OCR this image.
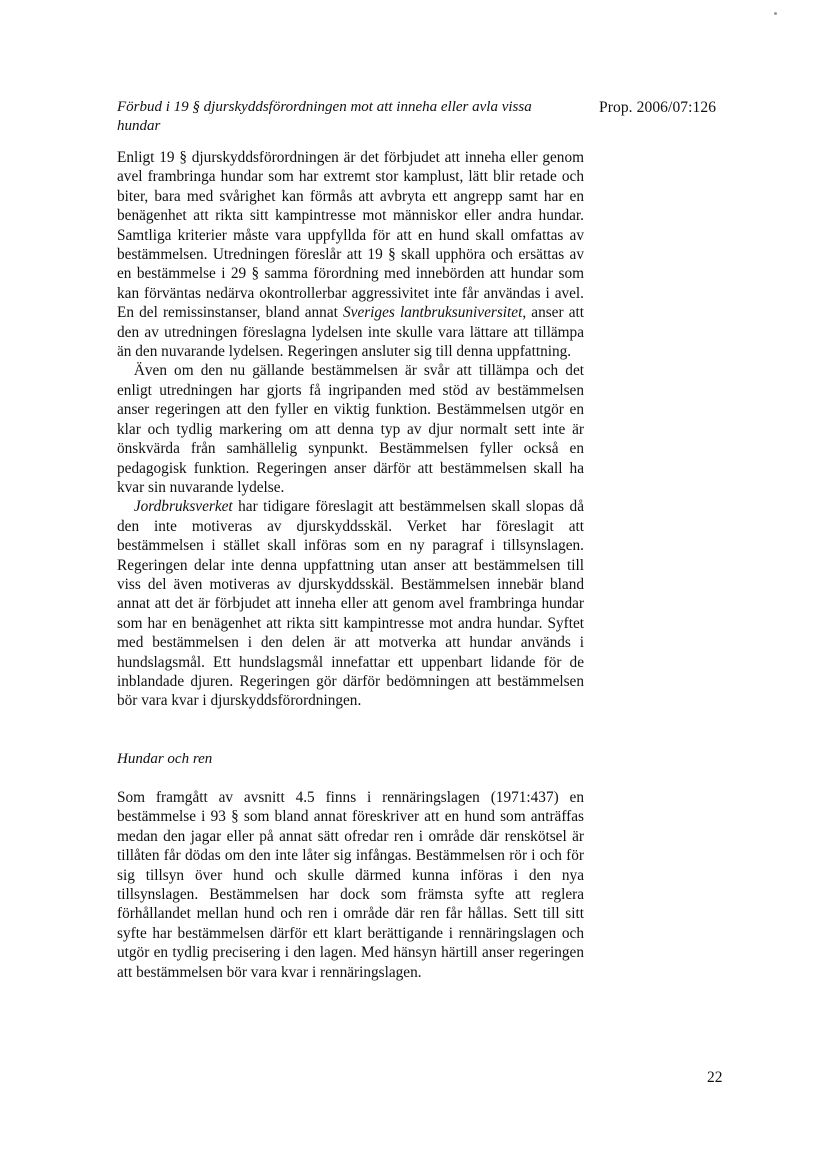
Prop. 2006/07:126
Förbud i 19 § djurskyddsförordningen mot att inneha eller avla vissa hundar

Enligt 19 § djurskyddsförordningen är det förbjudet att inneha eller genom avel frambringa hundar som har extremt stor kamplust, lätt blir retade och biter, bara med svårighet kan förmås att avbryta ett angrepp samt har en benägenhet att rikta sitt kampintresse mot människor eller andra hundar. Samtliga kriterier måste vara uppfyllda för att en hund skall omfattas av bestämmelsen. Utredningen föreslår att 19 § skall upphöra och ersättas av en bestämmelse i 29 § samma förordning med innebörden att hundar som kan förväntas nedärva okontrollerbar aggressivitet inte får användas i avel. En del remissinstanser, bland annat Sveriges lantbruksuniversitet, anser att den av utredningen föreslagna lydelsen inte skulle vara lättare att tillämpa än den nuvarande lydelsen. Regeringen ansluter sig till denna uppfattning.

Även om den nu gällande bestämmelsen är svår att tillämpa och det enligt utredningen har gjorts få ingripanden med stöd av bestämmelsen anser regeringen att den fyller en viktig funktion. Bestämmelsen utgör en klar och tydlig markering om att denna typ av djur normalt sett inte är önskvärda från samhällelig synpunkt. Bestämmelsen fyller också en pedagogisk funktion. Regeringen anser därför att bestämmelsen skall ha kvar sin nuvarande lydelse.

Jordbruksverket har tidigare föreslagit att bestämmelsen skall slopas då den inte motiveras av djurskyddsskäl. Verket har föreslagit att bestämmelsen i stället skall införas som en ny paragraf i tillsynslagen. Regeringen delar inte denna uppfattning utan anser att bestämmelsen till viss del även motiveras av djurskyddsskäl. Bestämmelsen innebär bland annat att det är förbjudet att inneha eller att genom avel frambringa hundar som har en benägenhet att rikta sitt kampintresse mot andra hundar. Syftet med bestämmelsen i den delen är att motverka att hundar används i hundslagsmål. Ett hundslagsmål innefattar ett uppenbart lidande för de inblandade djuren. Regeringen gör därför bedömningen att bestämmelsen bör vara kvar i djurskyddsförordningen.

Hundar och ren

Som framgått av avsnitt 4.5 finns i rennäringslagen (1971:437) en bestämmelse i 93 § som bland annat föreskriver att en hund som anträffas medan den jagar eller på annat sätt ofredar ren i område där renskötsel är tillåten får dödas om den inte låter sig infångas. Bestämmelsen rör i och för sig tillsyn över hund och skulle därmed kunna införas i den nya tillsynslagen. Bestämmelsen har dock som främsta syfte att reglera förhållandet mellan hund och ren i område där ren får hållas. Sett till sitt syfte har bestämmelsen därför ett klart berättigande i rennäringslagen och utgör en tydlig precisering i den lagen. Med hänsyn härtill anser regeringen att bestämmelsen bör vara kvar i rennäringslagen.

22
